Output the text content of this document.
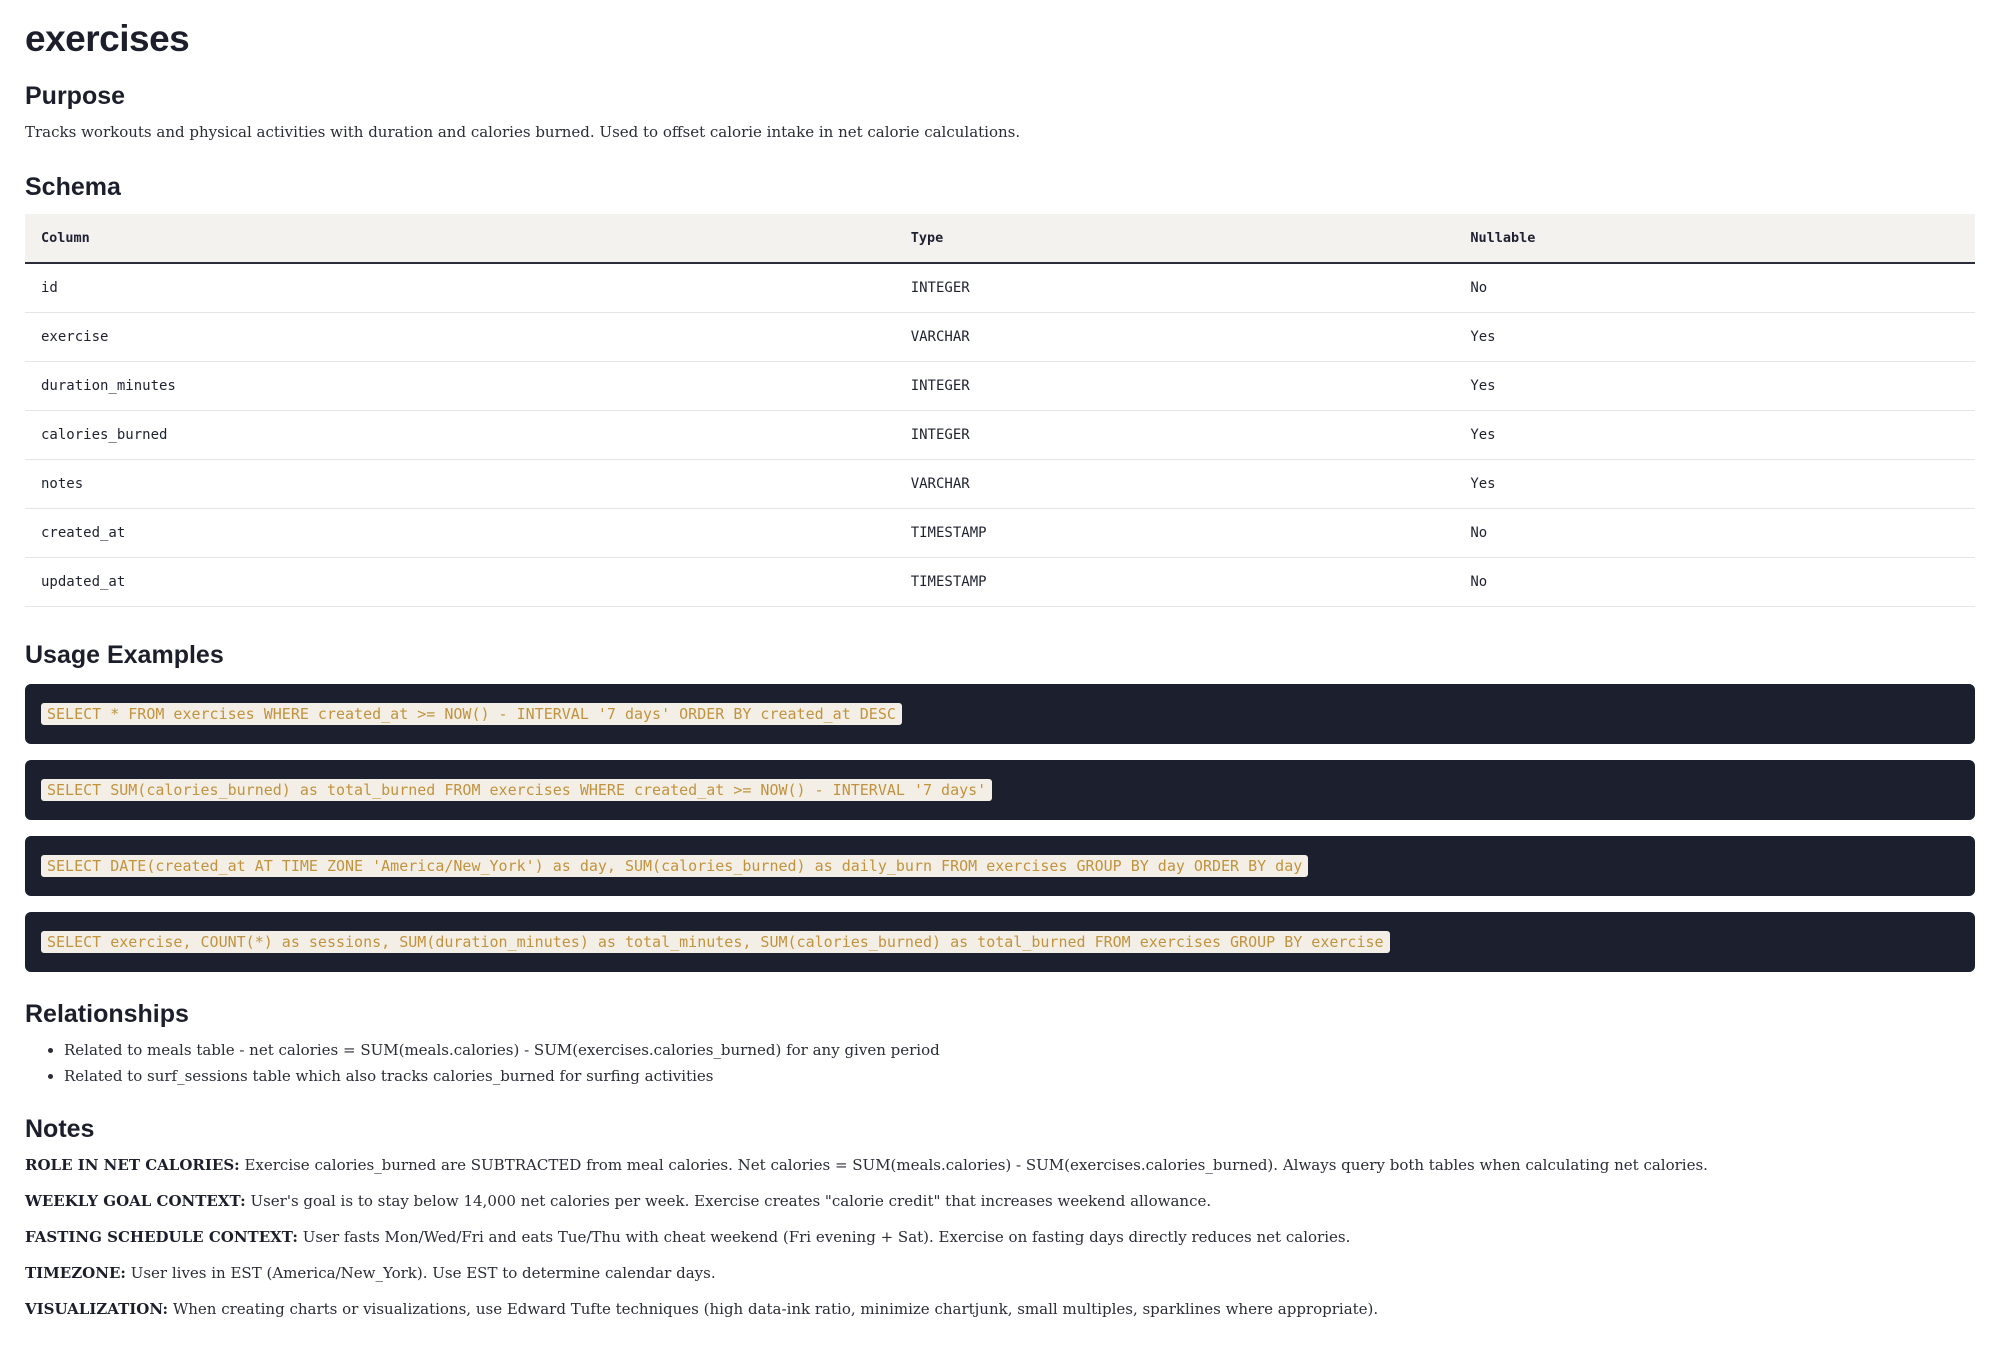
exercises
Purpose

Tracks workouts and physical activities with duration and calories burned. Used to offset calorie intake in net calorie calculations.

Schema
Column	Type	Nullable
id	INTEGER	No
exercise	VARCHAR	Yes
duration_minutes	INTEGER	Yes
calories_burned	INTEGER	Yes
notes	VARCHAR	Yes
created_at	TIMESTAMP	No
updated_at	TIMESTAMP	No
Usage Examples
SELECT * FROM exercises WHERE created_at >= NOW() - INTERVAL '7 days' ORDER BY created_at DESC
SELECT SUM(calories_burned) as total_burned FROM exercises WHERE created_at >= NOW() - INTERVAL '7 days'
SELECT DATE(created_at AT TIME ZONE 'America/New_York') as day, SUM(calories_burned) as daily_burn FROM exercises GROUP BY day ORDER BY day
SELECT exercise, COUNT(*) as sessions, SUM(duration_minutes) as total_minutes, SUM(calories_burned) as total_burned FROM exercises GROUP BY exercise
Relationships
• Related to meals table - net calories = SUM(meals.calories) - SUM(exercises.calories_burned) for any given period
• Related to surf_sessions table which also tracks calories_burned for surfing activities
Notes

ROLE IN NET CALORIES: Exercise calories_burned are SUBTRACTED from meal calories. Net calories = SUM(meals.calories) - SUM(exercises.calories_burned). Always query both tables when calculating net calories.

WEEKLY GOAL CONTEXT: User's goal is to stay below 14,000 net calories per week. Exercise creates "calorie credit" that increases weekend allowance.

FASTING SCHEDULE CONTEXT: User fasts Mon/Wed/Fri and eats Tue/Thu with cheat weekend (Fri evening + Sat). Exercise on fasting days directly reduces net calories.

TIMEZONE: User lives in EST (America/New_York). Use EST to determine calendar days.

VISUALIZATION: When creating charts or visualizations, use Edward Tufte techniques (high data-ink ratio, minimize chartjunk, small multiples, sparklines where appropriate).
